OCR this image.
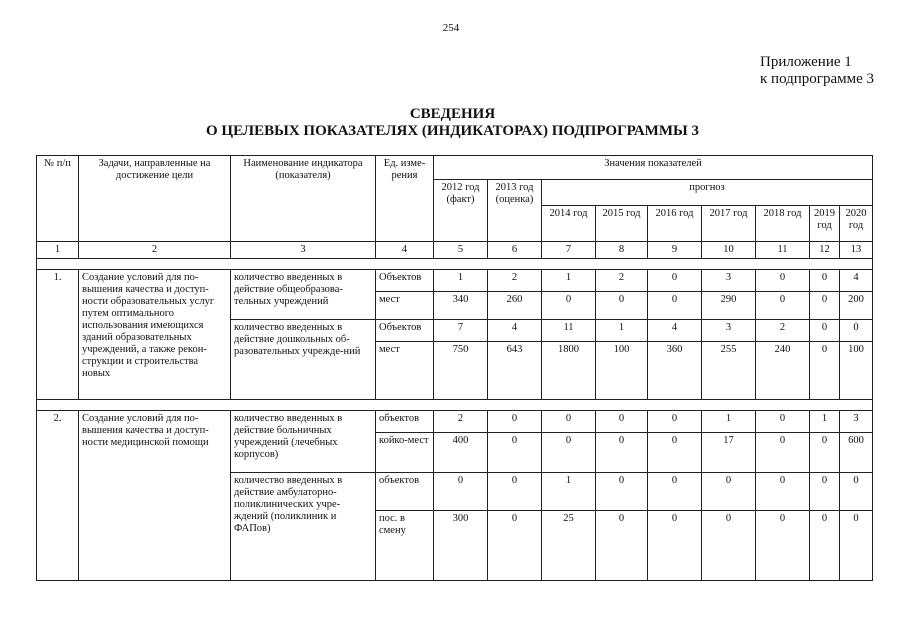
254
Приложение 1
к подпрограмме 3
СВЕДЕНИЯ
О ЦЕЛЕВЫХ ПОКАЗАТЕЛЯХ (ИНДИКАТОРАХ) ПОДПРОГРАММЫ 3
№ п/п	Задачи, направленные на достижение цели	Наименование индикатора (показателя)	Ед. изме-рения	Значения показателей								
				2012 год (факт)	2013 год (оценка)	прогноз						
						2014 год	2015 год	2016 год	2017 год	2018 год	2019 год	2020 год
1	2	3	4	5	6	7	8	9	10	11	12	13

1.	Создание условий для по-вышения качества и доступ-ности образовательных услуг путем оптимального использования имеющихся зданий образовательных учреждений, а также рекон-струкции и строительства новых	количество введенных в действие общеобразова-тельных учреждений	Объектов	1	2	1	2	0	3	0	0	4
			мест	340	260	0	0	0	290	0	0	200
		количество введенных в действие дошкольных об-разовательных учрежде-ний	Объектов	7	4	11	1	4	3	2	0	0
			мест	750	643	1800	100	360	255	240	0	100

2.	Создание условий для по-вышения качества и доступ-ности медицинской помощи	количество введенных в действие больничных учреждений (лечебных корпусов)	объектов	2	0	0	0	0	1	0	1	3
			койко-мест	400	0	0	0	0	17	0	0	600
		количество введенных в действие амбулаторно-поликлинических учре-ждений (поликлиник и ФАПов)	объектов	0	0	1	0	0	0	0	0	0
			пос. в смену	300	0	25	0	0	0	0	0	0
